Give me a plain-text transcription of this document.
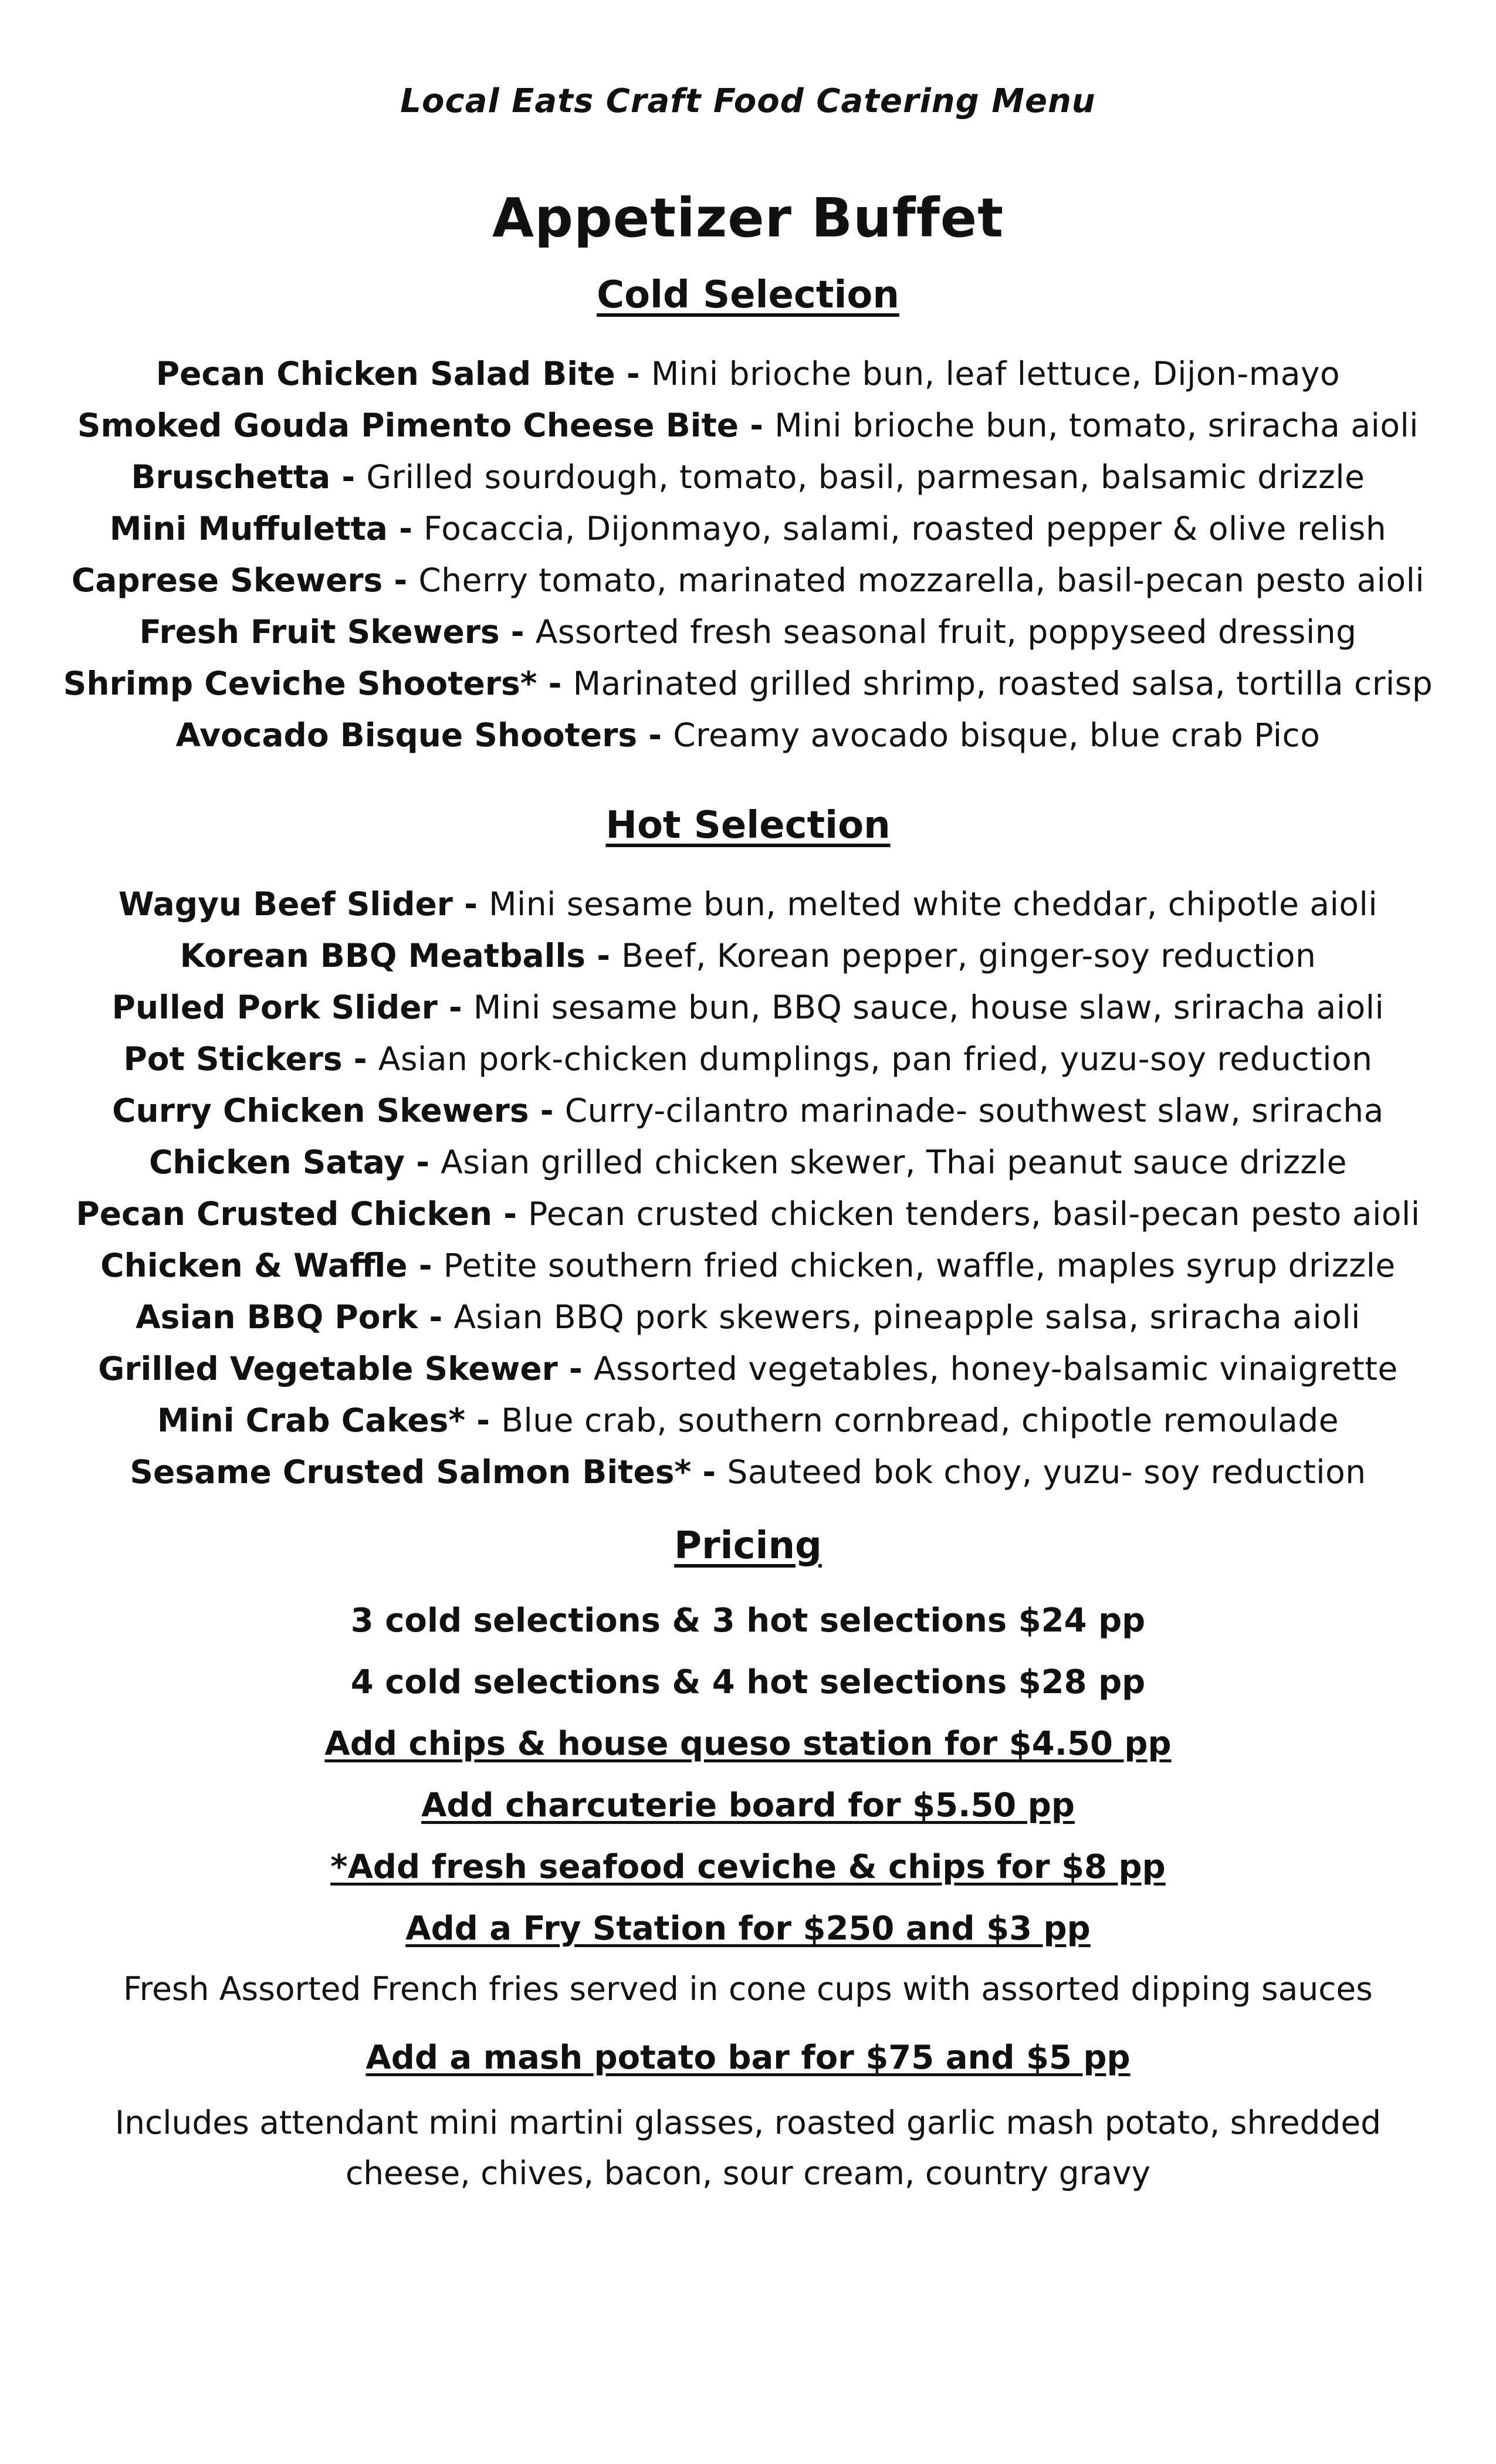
Local Eats Craft Food Catering Menu
Appetizer Buffet
Cold Selection
Pecan Chicken Salad Bite - Mini brioche bun, leaf lettuce, Dijon-mayo
Smoked Gouda Pimento Cheese Bite - Mini brioche bun, tomato, sriracha aioli
Bruschetta - Grilled sourdough, tomato, basil, parmesan, balsamic drizzle
Mini Muffuletta - Focaccia, Dijonmayo, salami, roasted pepper & olive relish
Caprese Skewers - Cherry tomato, marinated mozzarella, basil-pecan pesto aioli
Fresh Fruit Skewers - Assorted fresh seasonal fruit, poppyseed dressing
Shrimp Ceviche Shooters* - Marinated grilled shrimp, roasted salsa, tortilla crisp
Avocado Bisque Shooters - Creamy avocado bisque, blue crab Pico
Hot Selection
Wagyu Beef Slider - Mini sesame bun, melted white cheddar, chipotle aioli
Korean BBQ Meatballs - Beef, Korean pepper, ginger-soy reduction
Pulled Pork Slider - Mini sesame bun, BBQ sauce, house slaw, sriracha aioli
Pot Stickers - Asian pork-chicken dumplings, pan fried, yuzu-soy reduction
Curry Chicken Skewers - Curry-cilantro marinade- southwest slaw, sriracha
Chicken Satay - Asian grilled chicken skewer, Thai peanut sauce drizzle
Pecan Crusted Chicken - Pecan crusted chicken tenders, basil-pecan pesto aioli
Chicken & Waffle - Petite southern fried chicken, waffle, maples syrup drizzle
Asian BBQ Pork - Asian BBQ pork skewers, pineapple salsa, sriracha aioli
Grilled Vegetable Skewer - Assorted vegetables, honey-balsamic vinaigrette
Mini Crab Cakes* - Blue crab, southern cornbread, chipotle remoulade
Sesame Crusted Salmon Bites* - Sauteed bok choy, yuzu- soy reduction
Pricing
3 cold selections & 3 hot selections $24 pp
4 cold selections & 4 hot selections $28 pp
Add chips & house queso station for $4.50 pp
Add charcuterie board for $5.50 pp
*Add fresh seafood ceviche & chips for $8 pp
Add a Fry Station for $250 and $3 pp
Fresh Assorted French fries served in cone cups with assorted dipping sauces
Add a mash potato bar for $75 and $5 pp
Includes attendant mini martini glasses, roasted garlic mash potato, shredded
cheese, chives, bacon, sour cream, country gravy
